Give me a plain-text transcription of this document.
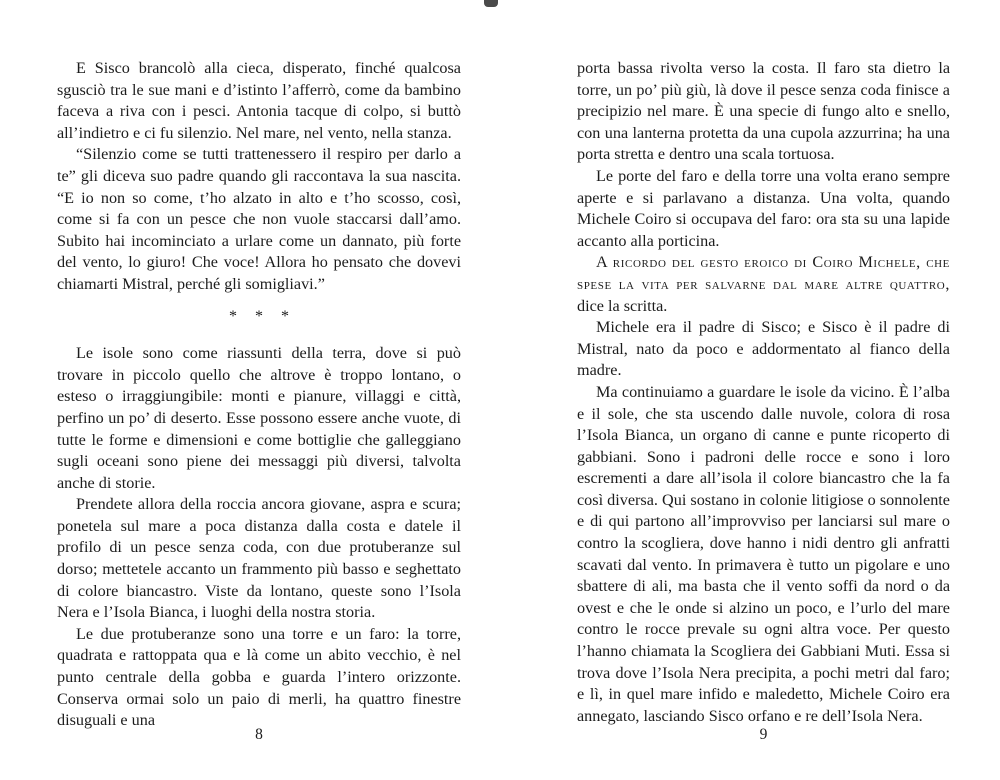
E Sisco brancolò alla cieca, disperato, finché qualcosa sgusciò tra le sue mani e d’istinto l’afferrò, come da bambino faceva a riva con i pesci. Antonia tacque di colpo, si buttò all’indietro e ci fu silenzio. Nel mare, nel vento, nella stanza.

“Silenzio come se tutti trattenessero il respiro per darlo a te” gli diceva suo padre quando gli raccontava la sua nascita. “E io non so come, t’ho alzato in alto e t’ho scosso, così, come si fa con un pesce che non vuole staccarsi dall’amo. Subito hai incominciato a urlare come un dannato, più forte del vento, lo giuro! Che voce! Allora ho pensato che dovevi chiamarti Mistral, perché gli somigliavi.”

* * *

Le isole sono come riassunti della terra, dove si può trovare in piccolo quello che altrove è troppo lontano, o esteso o irraggiungibile: monti e pianure, villaggi e città, perfino un po’ di deserto. Esse possono essere anche vuote, di tutte le forme e dimensioni e come bottiglie che galleggiano sugli oceani sono piene dei messaggi più diversi, talvolta anche di storie.

Prendete allora della roccia ancora giovane, aspra e scura; ponetela sul mare a poca distanza dalla costa e datele il profilo di un pesce senza coda, con due protuberanze sul dorso; mettetele accanto un frammento più basso e seghettato di colore biancastro. Viste da lontano, queste sono l’Isola Nera e l’Isola Bianca, i luoghi della nostra storia.

Le due protuberanze sono una torre e un faro: la torre, quadrata e rattoppata qua e là come un abito vecchio, è nel punto centrale della gobba e guarda l’intero orizzonte. Conserva ormai solo un paio di merli, ha quattro finestre disuguali e una

porta bassa rivolta verso la costa. Il faro sta dietro la torre, un po’ più giù, là dove il pesce senza coda finisce a precipizio nel mare. È una specie di fungo alto e snello, con una lanterna protetta da una cupola azzurrina; ha una porta stretta e dentro una scala tortuosa.

Le porte del faro e della torre una volta erano sempre aperte e si parlavano a distanza. Una volta, quando Michele Coiro si occupava del faro: ora sta su una lapide accanto alla porticina.

A ricordo del gesto eroico di Coiro Michele, che spese la vita per salvarne dal mare altre quattro, dice la scritta.

Michele era il padre di Sisco; e Sisco è il padre di Mistral, nato da poco e addormentato al fianco della madre.

Ma continuiamo a guardare le isole da vicino. È l’alba e il sole, che sta uscendo dalle nuvole, colora di rosa l’Isola Bianca, un organo di canne e punte ricoperto di gabbiani. Sono i padroni delle rocce e sono i loro escrementi a dare all’isola il colore biancastro che la fa così diversa. Qui sostano in colonie litigiose o sonnolente e di qui partono all’improvviso per lanciarsi sul mare o contro la scogliera, dove hanno i nidi dentro gli anfratti scavati dal vento. In primavera è tutto un pigolare e uno sbattere di ali, ma basta che il vento soffi da nord o da ovest e che le onde si alzino un poco, e l’urlo del mare contro le rocce prevale su ogni altra voce. Per questo l’hanno chiamata la Scogliera dei Gabbiani Muti. Essa si trova dove l’Isola Nera precipita, a pochi metri dal faro; e lì, in quel mare infido e maledetto, Michele Coiro era annegato, lasciando Sisco orfano e re dell’Isola Nera.

8	9
